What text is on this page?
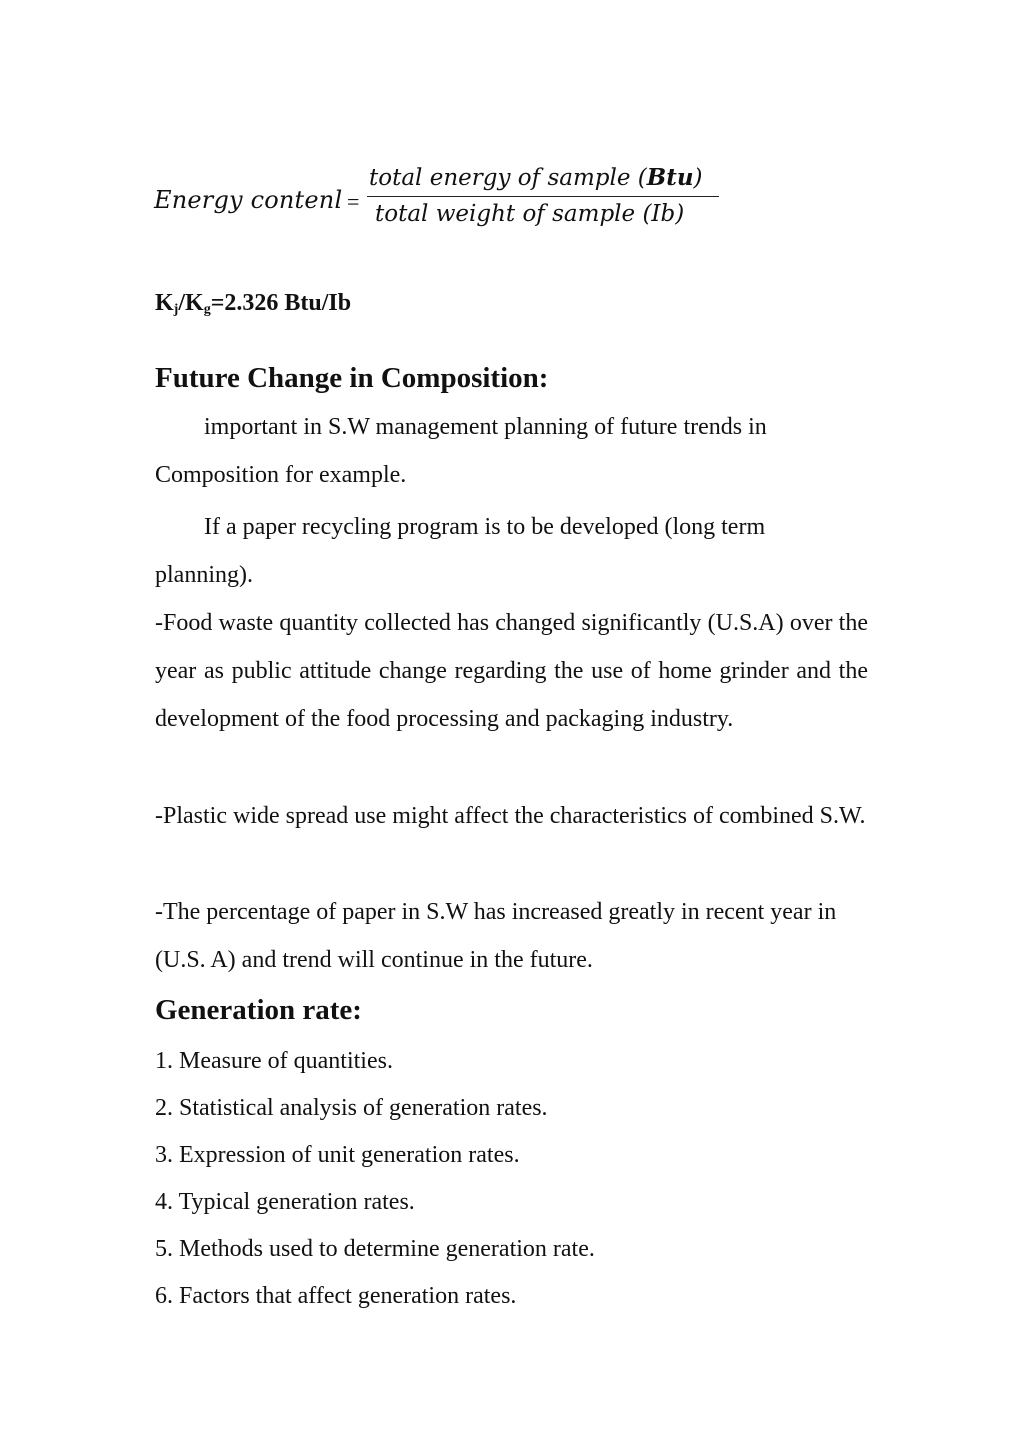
Energy contenl =
total energy of sample (Btu)
total weigℎt of sample (Ib)
$K_j/K_g=2.326$ Btu/Ib
Future Change in Composition:

important in S.W management planning of future trends in Composition for example.

If a paper recycling program is to be developed (long term planning).

-Food waste quantity collected has changed significantly (U.S.A) over the year as public attitude change regarding the use of home grinder and the development of the food processing and packaging industry.

-Plastic wide spread use might affect the characteristics of combined S.W.

-The percentage of paper in S.W has increased greatly in recent year in (U.S. A) and trend will continue in the future.

Generation rate:
1. Measure of quantities.
2. Statistical analysis of generation rates.
3. Expression of unit generation rates.
4. Typical generation rates.
5. Methods used to determine generation rate.
6. Factors that affect generation rates.
